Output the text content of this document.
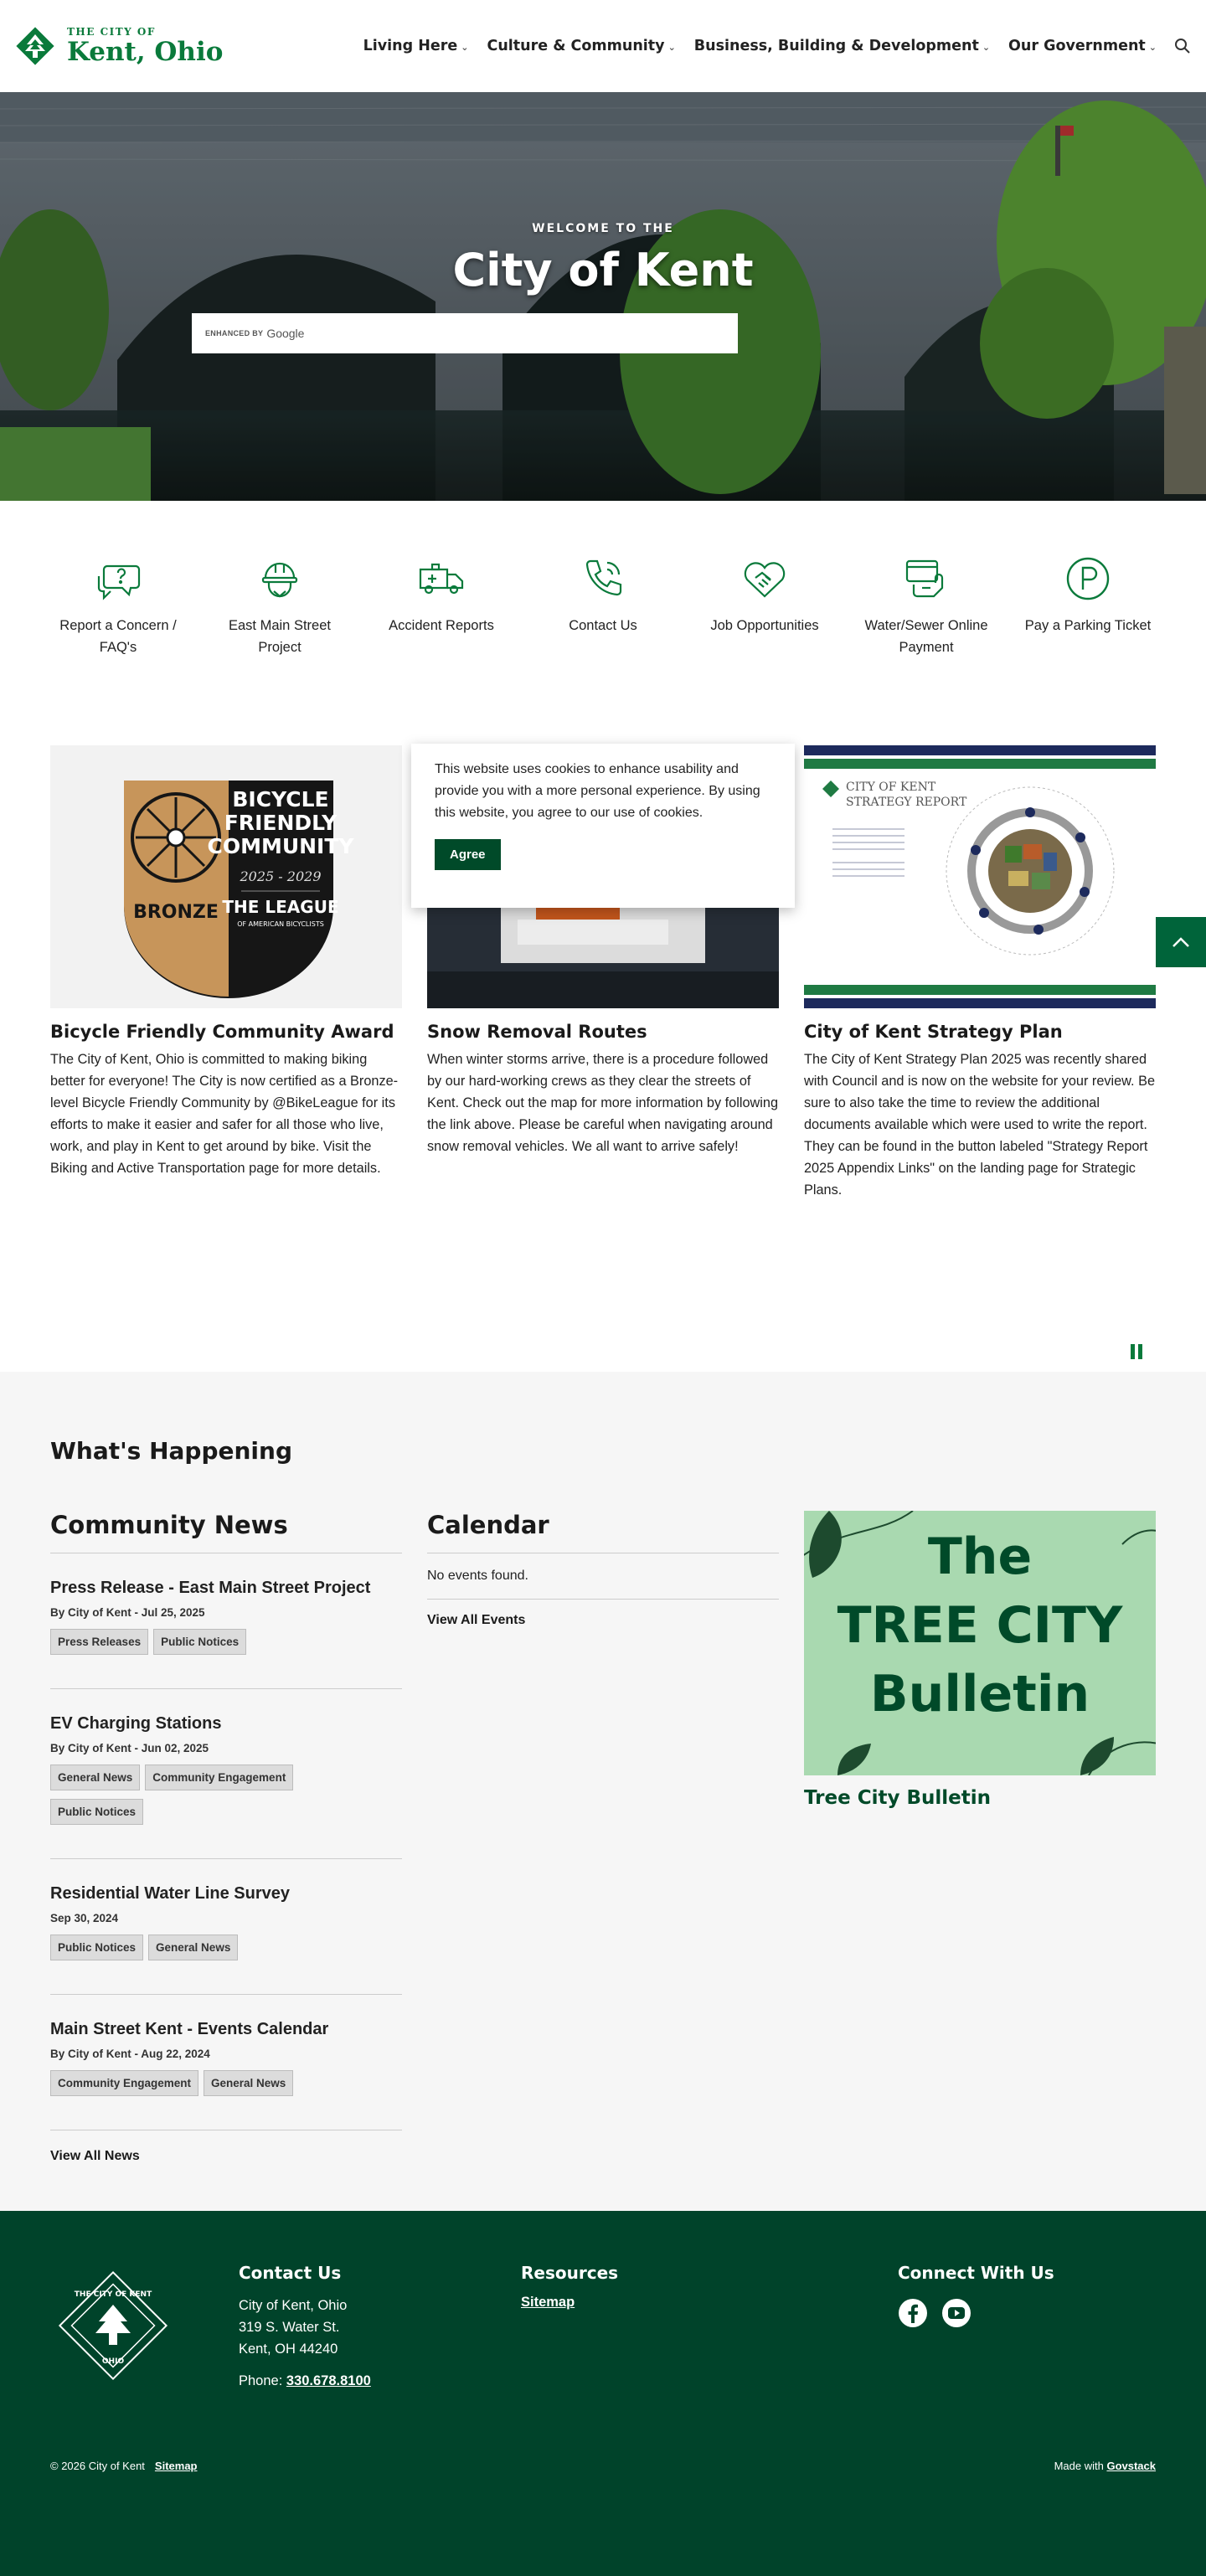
THE CITY OF
Kent, Ohio	Living Here ⌄ Culture & Community ⌄ Business, Building & Development ⌄ Our Government ⌄
WELCOME TO THE
City of Kent
ENHANCED BY Google
Report a Concern / FAQ's
East Main Street Project
Accident Reports	Contact Us	Job Opportunities	Water/Sewer Online Payment
Pay a Parking Ticket
BICYCLE
FRIENDLY
COMMUNITY
2025 - 2029
THE LEAGUE
OF AMERICAN BICYCLISTS
BRONZE
Bicycle Friendly Community Award

The City of Kent, Ohio is committed to making biking better for everyone! The City is now certified as a Bronze-level Bicycle Friendly Community by @BikeLeague for its efforts to make it easier and safer for all those who live, work, and play in Kent to get around by bike. Visit the Biking and Active Transportation page for more details.

Snow Removal Routes

When winter storms arrive, there is a procedure followed by our hard-working crews as they clear the streets of Kent. Check out the map for more information by following the link above. Please be careful when navigating around snow removal vehicles. We all want to arrive safely!

CITY OF KENT
STRATEGY REPORT
City of Kent Strategy Plan

The City of Kent Strategy Plan 2025 was recently shared with Council and is now on the website for your review. Be sure to also take the time to review the additional documents available which were used to write the report. They can be found in the button labeled "Strategy Report 2025 Appendix Links" on the landing page for Strategic Plans.

This website uses cookies to enhance usability and provide you with a more personal experience. By using this website, you agree to our use of cookies.

Agree
What's Happening
Community News
Press Release - East Main Street Project
By City of Kent - Jul 25, 2025
Press Releases	Public Notices
EV Charging Stations
By City of Kent - Jun 02, 2025
General News	Community Engagement
Public Notices
Residential Water Line Survey
Sep 30, 2024
Public Notices	General News
Main Street Kent - Events Calendar
By City of Kent - Aug 22, 2024
Community Engagement	General News
View All News
Calendar
No events found.
View All Events
The
TREE CITY
Bulletin
Tree City Bulletin
THE CITY OF KENT
OHIO
Contact Us
City of Kent, Ohio
319 S. Water St.
Kent, OH 44240
Phone: 330.678.8100
Resources
Sitemap
Connect With Us
© 2026 City of Kent Sitemap	Made with Govstack
